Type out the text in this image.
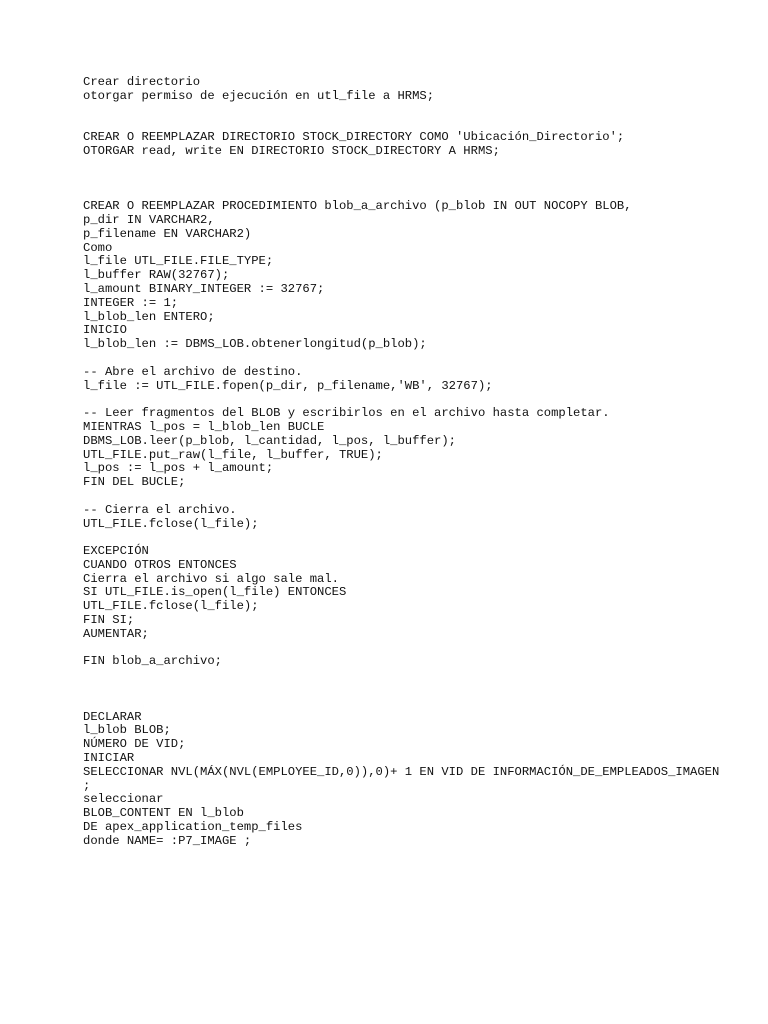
Crear directorio
otorgar permiso de ejecución en utl_file a HRMS;
CREAR O REEMPLAZAR DIRECTORIO STOCK_DIRECTORY COMO 'Ubicación_Directorio';
OTORGAR read, write EN DIRECTORIO STOCK_DIRECTORY A HRMS;
CREAR O REEMPLAZAR PROCEDIMIENTO blob_a_archivo (p_blob IN OUT NOCOPY BLOB,
p_dir IN VARCHAR2,
p_filename EN VARCHAR2)
Como
l_file UTL_FILE.FILE_TYPE;
l_buffer RAW(32767);
l_amount BINARY_INTEGER := 32767;
INTEGER := 1;
l_blob_len ENTERO;
INICIO
l_blob_len := DBMS_LOB.obtenerlongitud(p_blob);
-- Abre el archivo de destino.
l_file := UTL_FILE.fopen(p_dir, p_filename,'WB', 32767);
-- Leer fragmentos del BLOB y escribirlos en el archivo hasta completar.
MIENTRAS l_pos = l_blob_len BUCLE
DBMS_LOB.leer(p_blob, l_cantidad, l_pos, l_buffer);
UTL_FILE.put_raw(l_file, l_buffer, TRUE);
l_pos := l_pos + l_amount;
FIN DEL BUCLE;
-- Cierra el archivo.
UTL_FILE.fclose(l_file);
EXCEPCIÓN
CUANDO OTROS ENTONCES
Cierra el archivo si algo sale mal.
SI UTL_FILE.is_open(l_file) ENTONCES
UTL_FILE.fclose(l_file);
FIN SI;
AUMENTAR;
FIN blob_a_archivo;
DECLARAR
l_blob BLOB;
NÚMERO DE VID;
INICIAR
SELECCIONAR NVL(MÁX(NVL(EMPLOYEE_ID,0)),0)+ 1 EN VID DE INFORMACIÓN_DE_EMPLEADOS_IMAGEN
;
seleccionar
BLOB_CONTENT EN l_blob
DE apex_application_temp_files
donde NAME= :P7_IMAGE ;
